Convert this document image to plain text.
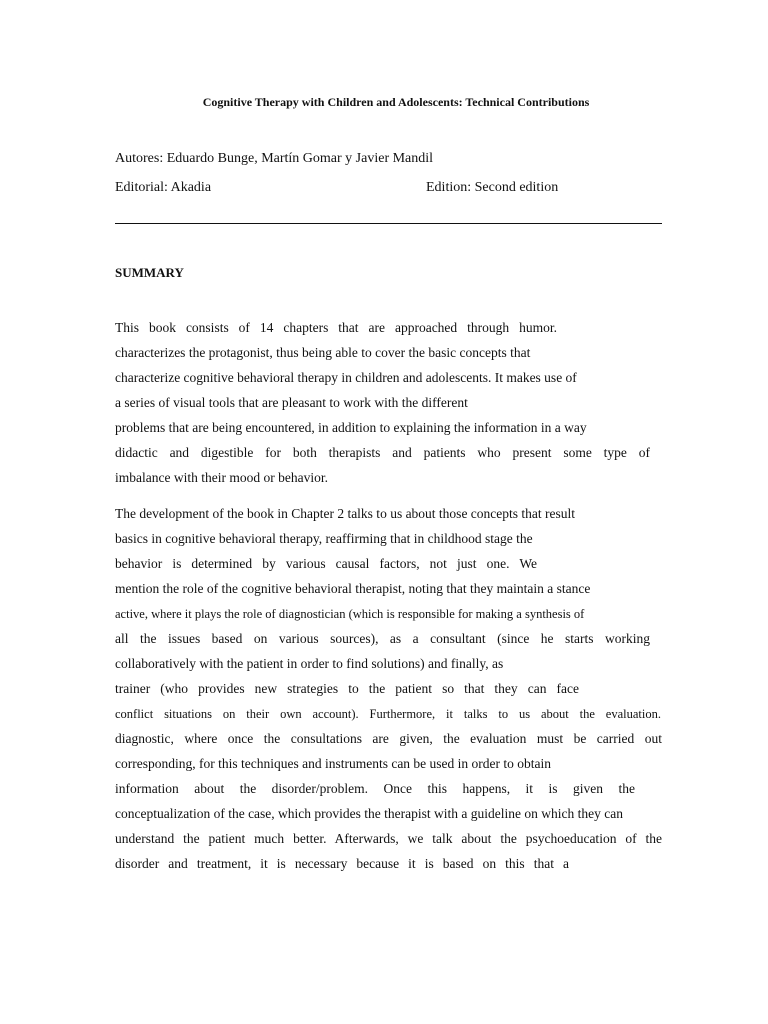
Cognitive Therapy with Children and Adolescents: Technical Contributions
Autores: Eduardo Bunge, Martín Gomar y Javier Mandil
Editorial: Akadia	Edition: Second edition
SUMMARY
This book consists of 14 chapters that are approached through humor.
characterizes the protagonist, thus being able to cover the basic concepts that
characterize cognitive behavioral therapy in children and adolescents. It makes use of
a series of visual tools that are pleasant to work with the different
problems that are being encountered, in addition to explaining the information in a way
didactic and digestible for both therapists and patients who present some type of
imbalance with their mood or behavior.
The development of the book in Chapter 2 talks to us about those concepts that result
basics in cognitive behavioral therapy, reaffirming that in childhood stage the
behavior is determined by various causal factors, not just one. We
mention the role of the cognitive behavioral therapist, noting that they maintain a stance
active, where it plays the role of diagnostician (which is responsible for making a synthesis of
all the issues based on various sources), as a consultant (since he starts working
collaboratively with the patient in order to find solutions) and finally, as
trainer (who provides new strategies to the patient so that they can face
conflict situations on their own account). Furthermore, it talks to us about the evaluation.
diagnostic, where once the consultations are given, the evaluation must be carried out
corresponding, for this techniques and instruments can be used in order to obtain
information about the disorder/problem. Once this happens, it is given the
conceptualization of the case, which provides the therapist with a guideline on which they can
understand the patient much better. Afterwards, we talk about the psychoeducation of the
disorder and treatment, it is necessary because it is based on this that a
